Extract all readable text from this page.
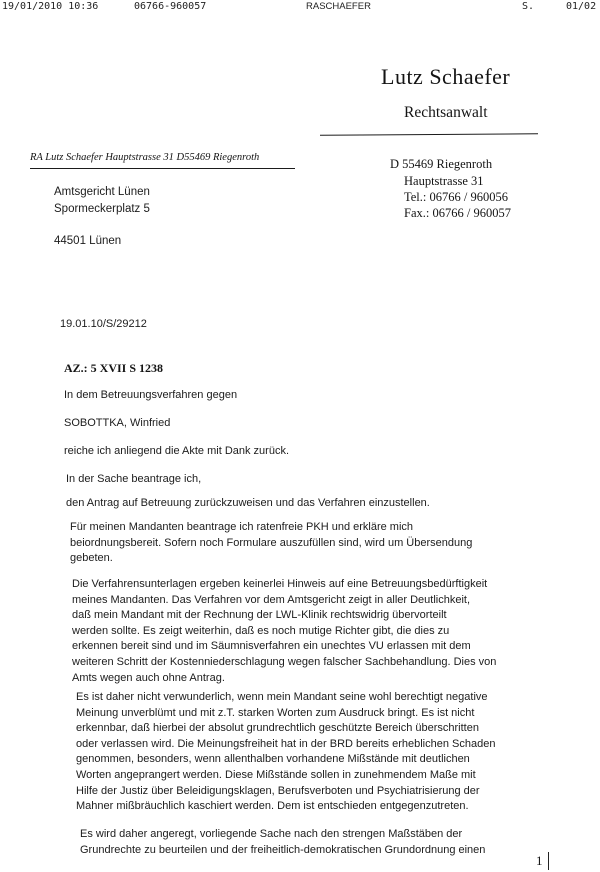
19/01/2010 10:36	06766-960057	RASCHAEFER	S.	01/02
Lutz Schaefer
Rechtsanwalt
RA Lutz Schaefer Hauptstrasse 31 D55469 Riegenroth	D 55469 Riegenroth
Hauptstrasse 31
Tel.: 06766 / 960056
Fax.: 06766 / 960057
Amtsgericht Lünen
Spormeckerplatz 5
44501 Lünen
19.01.10/S/29212
AZ.: 5 XVII S 1238
In dem Betreuungsverfahren gegen
SOBOTTKA, Winfried
reiche ich anliegend die Akte mit Dank zurück.
In der Sache beantrage ich,
den Antrag auf Betreuung zurückzuweisen und das Verfahren einzustellen.
Für meinen Mandanten beantrage ich ratenfreie PKH und erkläre mich
beiordnungsbereit. Sofern noch Formulare auszufüllen sind, wird um Übersendung
gebeten.
Die Verfahrensunterlagen ergeben keinerlei Hinweis auf eine Betreuungsbedürftigkeit
meines Mandanten. Das Verfahren vor dem Amtsgericht zeigt in aller Deutlichkeit,
daß mein Mandant mit der Rechnung der LWL-Klinik rechtswidrig übervorteilt
werden sollte. Es zeigt weiterhin, daß es noch mutige Richter gibt, die dies zu
erkennen bereit sind und im Säumnisverfahren ein unechtes VU erlassen mit dem
weiteren Schritt der Kostenniederschlagung wegen falscher Sachbehandlung. Dies von
Amts wegen auch ohne Antrag.
Es ist daher nicht verwunderlich, wenn mein Mandant seine wohl berechtigt negative
Meinung unverblümt und mit z.T. starken Worten zum Ausdruck bringt. Es ist nicht
erkennbar, daß hierbei der absolut grundrechtlich geschützte Bereich überschritten
oder verlassen wird. Die Meinungsfreiheit hat in der BRD bereits erheblichen Schaden
genommen, besonders, wenn allenthalben vorhandene Mißstände mit deutlichen
Worten angeprangert werden. Diese Mißstände sollen in zunehmendem Maße mit
Hilfe der Justiz über Beleidigungsklagen, Berufsverboten und Psychiatrisierung der
Mahner mißbräuchlich kaschiert werden. Dem ist entschieden entgegenzutreten.
Es wird daher angeregt, vorliegende Sache nach den strengen Maßstäben der
Grundrechte zu beurteilen und der freiheitlich-demokratischen Grundordnung einen
1
